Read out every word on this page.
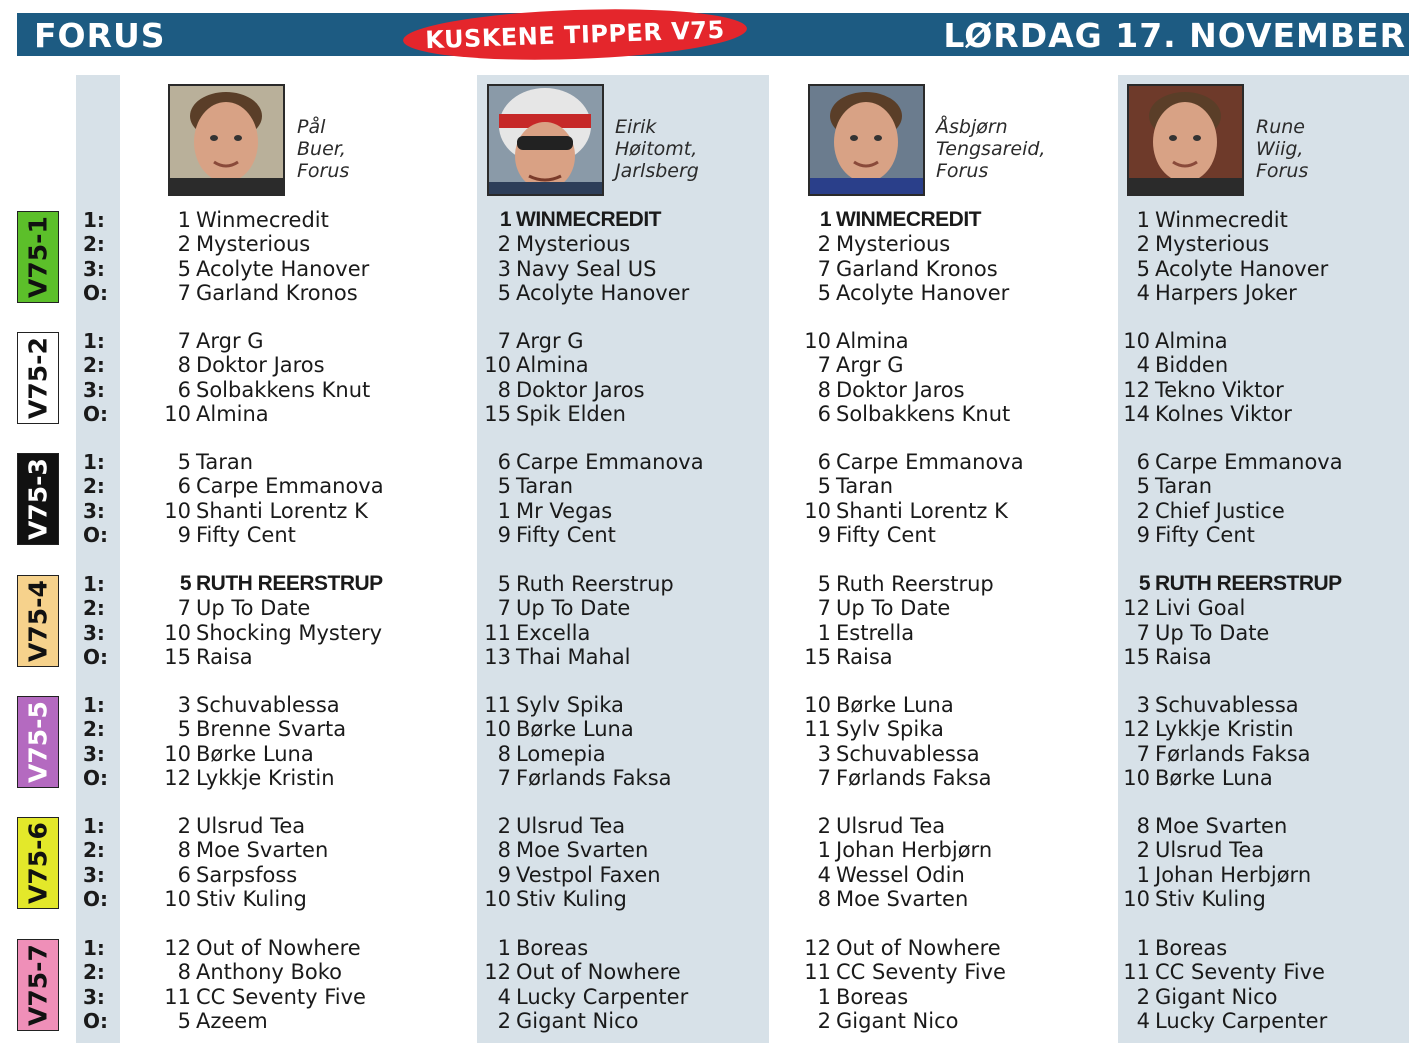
FORUS	LØRDAG 17. NOVEMBER
KUSKENE TIPPER V75
Pål
Buer,
Forus
Eirik
Høitomt,
Jarlsberg
Åsbjørn
Tengsareid,
Forus
Rune
Wiig,
Forus
V75-1 1:
2:
3:
O:
V75-2 1:
2:
3:
O:
V75-3 1:
2:
3:
O:
V75-4 1:
2:
3:
O:
V75-5 1:
2:
3:
O:
V75-6 1:
2:
3:
O:
V75-7 1:
2:
3:
O:
1 Winmecredit
2 Mysterious
5 Acolyte Hanover
7 Garland Kronos
7 Argr G
8 Doktor Jaros
6 Solbakkens Knut
10 Almina
5 Taran
6 Carpe Emmanova
10 Shanti Lorentz K
9 Fifty Cent
5 RUTH REERSTRUP
7 Up To Date
10 Shocking Mystery
15 Raisa
3 Schuvablessa
5 Brenne Svarta
10 Børke Luna
12 Lykkje Kristin
2 Ulsrud Tea
8 Moe Svarten
6 Sarpsfoss
10 Stiv Kuling
12 Out of Nowhere
8 Anthony Boko
11 CC Seventy Five
5 Azeem
1 WINMECREDIT
2 Mysterious
3 Navy Seal US
5 Acolyte Hanover
7 Argr G
10 Almina
8 Doktor Jaros
15 Spik Elden
6 Carpe Emmanova
5 Taran
1 Mr Vegas
9 Fifty Cent
5 Ruth Reerstrup
7 Up To Date
11 Excella
13 Thai Mahal
11 Sylv Spika
10 Børke Luna
8 Lomepia
7 Førlands Faksa
2 Ulsrud Tea
8 Moe Svarten
9 Vestpol Faxen
10 Stiv Kuling
1 Boreas
12 Out of Nowhere
4 Lucky Carpenter
2 Gigant Nico
1 WINMECREDIT
2 Mysterious
7 Garland Kronos
5 Acolyte Hanover
10 Almina
7 Argr G
8 Doktor Jaros
6 Solbakkens Knut
6 Carpe Emmanova
5 Taran
10 Shanti Lorentz K
9 Fifty Cent
5 Ruth Reerstrup
7 Up To Date
1 Estrella
15 Raisa
10 Børke Luna
11 Sylv Spika
3 Schuvablessa
7 Førlands Faksa
2 Ulsrud Tea
1 Johan Herbjørn
4 Wessel Odin
8 Moe Svarten
12 Out of Nowhere
11 CC Seventy Five
1 Boreas
2 Gigant Nico
1 Winmecredit
2 Mysterious
5 Acolyte Hanover
4 Harpers Joker
10 Almina
4 Bidden
12 Tekno Viktor
14 Kolnes Viktor
6 Carpe Emmanova
5 Taran
2 Chief Justice
9 Fifty Cent
5 RUTH REERSTRUP
12 Livi Goal
7 Up To Date
15 Raisa
3 Schuvablessa
12 Lykkje Kristin
7 Førlands Faksa
10 Børke Luna
8 Moe Svarten
2 Ulsrud Tea
1 Johan Herbjørn
10 Stiv Kuling
1 Boreas
11 CC Seventy Five
2 Gigant Nico
4 Lucky Carpenter
